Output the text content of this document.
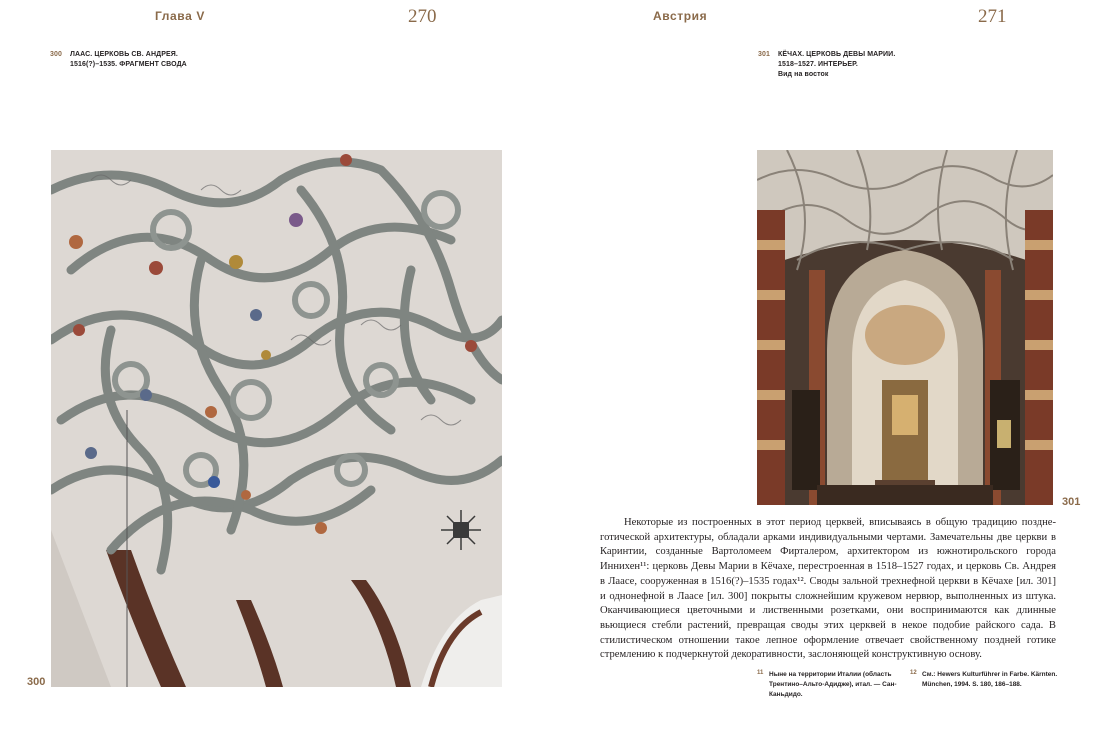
Глава V	270
300 ЛААС. ЦЕРКОВЬ СВ. АНДРЕЯ.
1516(?)–1535. ФРАГМЕНТ СВОДА
300
Австрия	271
301 КЁЧАХ. ЦЕРКОВЬ ДЕВЫ МАРИИ.
1518–1527. ИНТЕРЬЕР.
Вид на восток
301

Некоторые из построенных в этот период церквей, вписываясь в общую традицию позднеготической архитектуры, обладали арками индивидуальными чертами. Замечательны две церкви в Каринтии, созданные Вартоломеем Фирталером, архитектором из южнотирольского города Иннихен¹¹: церковь Девы Марии в Кёчахе, перестроенная в 1518–1527 годах, и церковь Св. Андрея в Лаасе, сооруженная в 1516(?)–1535 годах¹². Своды зальной трехнефной церкви в Кёчахе [ил. 301] и однонефной в Лаасе [ил. 300] покрыты сложнейшим кружевом нервюр, выполненных из штука. Оканчивающиеся цветочными и лиственными розетками, они воспринимаются как длинные вьющиеся стебли растений, превращая своды этих церквей в некое подобие райского сада. В стилистическом отношении такое лепное оформление отвечает свойственному поздней готике стремлению к подчеркнутой декоративности, заслоняющей конструктивную основу.

11 Ныне на территории Италии (область Трентино–Альто-Адидже), итал. — Сан-Каньдидо.
12 См.: Hewers Kulturführer in Farbe. Kärnten. München, 1994. S. 180, 186–188.
